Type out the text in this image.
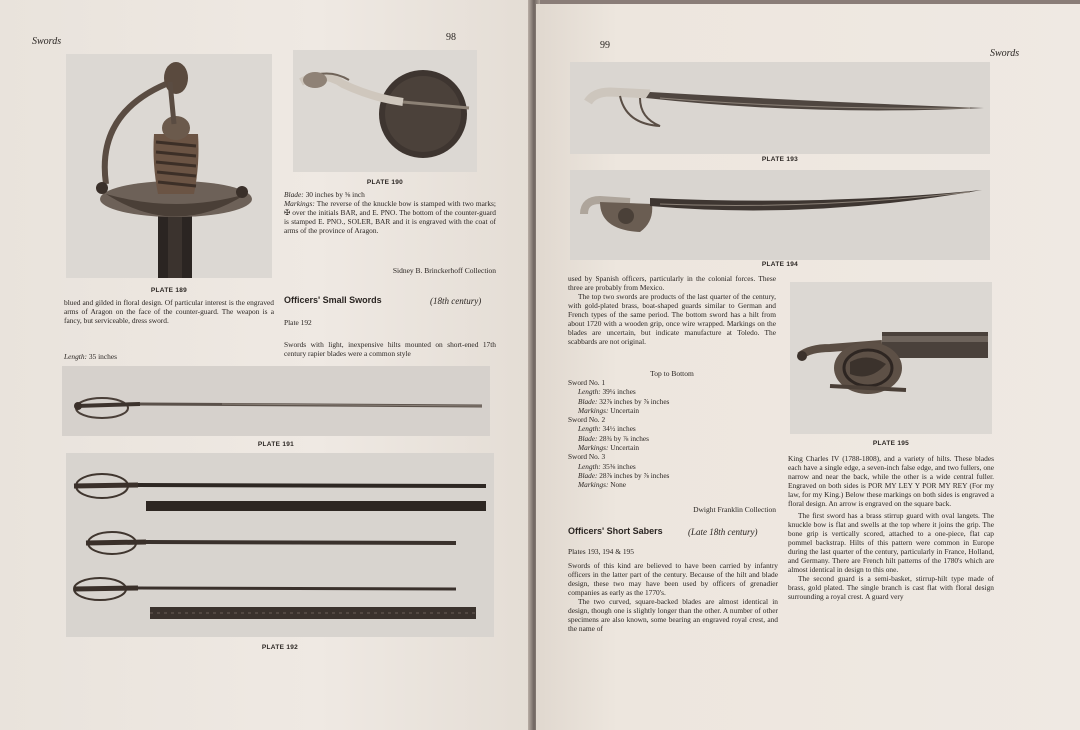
Swords	98
PLATE 189
PLATE 190

Blade: 30 inches by ⅝ inch

Markings: The reverse of the knuckle bow is stamped with two marks; ✠ over the initials BAR, and E. PNO. The bottom of the counter-guard is stamped E. PNO., SOLER, BAR and it is engraved with the coat of arms of the province of Aragon.

Sidney B. Brinckerhoff Collection
blued and gilded in floral design. Of particular interest is the engraved arms of Aragon on the face of the counter-guard. The weapon is a fancy, but serviceable, dress sword.
Length: 35 inches
Officers' Small Swords	(18th century)
Plate 192
Swords with light, inexpensive hilts mounted on short-ened 17th century rapier blades were a common style
PLATE 191
PLATE 192
99
Swords
PLATE 193
PLATE 194

used by Spanish officers, particularly in the colonial forces. These three are probably from Mexico.

The top two swords are products of the last quarter of the century, with gold-plated brass, boat-shaped guards similar to German and French types of the same period. The bottom sword has a hilt from about 1720 with a wooden grip, once wire wrapped. Markings on the blades are uncertain, but indicate manufacture at Toledo. The scabbards are not original.

Top to Bottom
Sword No. 1
Length: 39¼ inches
Blade: 32⅞ inches by ⅞ inches
Markings: Uncertain
Sword No. 2
Length: 34½ inches
Blade: 28¾ by ⅞ inches
Markings: Uncertain
Sword No. 3
Length: 35⅜ inches
Blade: 28⅞ inches by ⅞ inches
Markings: None
Dwight Franklin Collection
Officers' Short Sabers	(Late 18th century)
Plates 193, 194 & 195

Swords of this kind are believed to have been carried by infantry officers in the latter part of the century. Because of the hilt and blade design, these two may have been used by officers of grenadier companies as early as the 1770's.

The two curved, square-backed blades are almost identical in design, though one is slightly longer than the other. A number of other specimens are also known, some bearing an engraved royal crest, and the name of

PLATE 195

King Charles IV (1788-1808), and a variety of hilts. These blades each have a single edge, a seven-inch false edge, and two fullers, one narrow and near the back, while the other is a wide central fuller. Engraved on both sides is POR MY LEY Y POR MY REY (For my law, for my King.) Below these markings on both sides is engraved a floral design. An arrow is engraved on the square back.

The first sword has a brass stirrup guard with oval langets. The knuckle bow is flat and swells at the top where it joins the grip. The bone grip is vertically scored, attached to a one-piece, flat cap pommel backstrap. Hilts of this pattern were common in Europe during the last quarter of the century, particularly in France, Holland, and Germany. There are French hilt patterns of the 1780's which are almost identical in design to this one.

The second guard is a semi-basket, stirrup-hilt type made of brass, gold plated. The single branch is cast flat with floral design surrounding a royal crest. A guard very
